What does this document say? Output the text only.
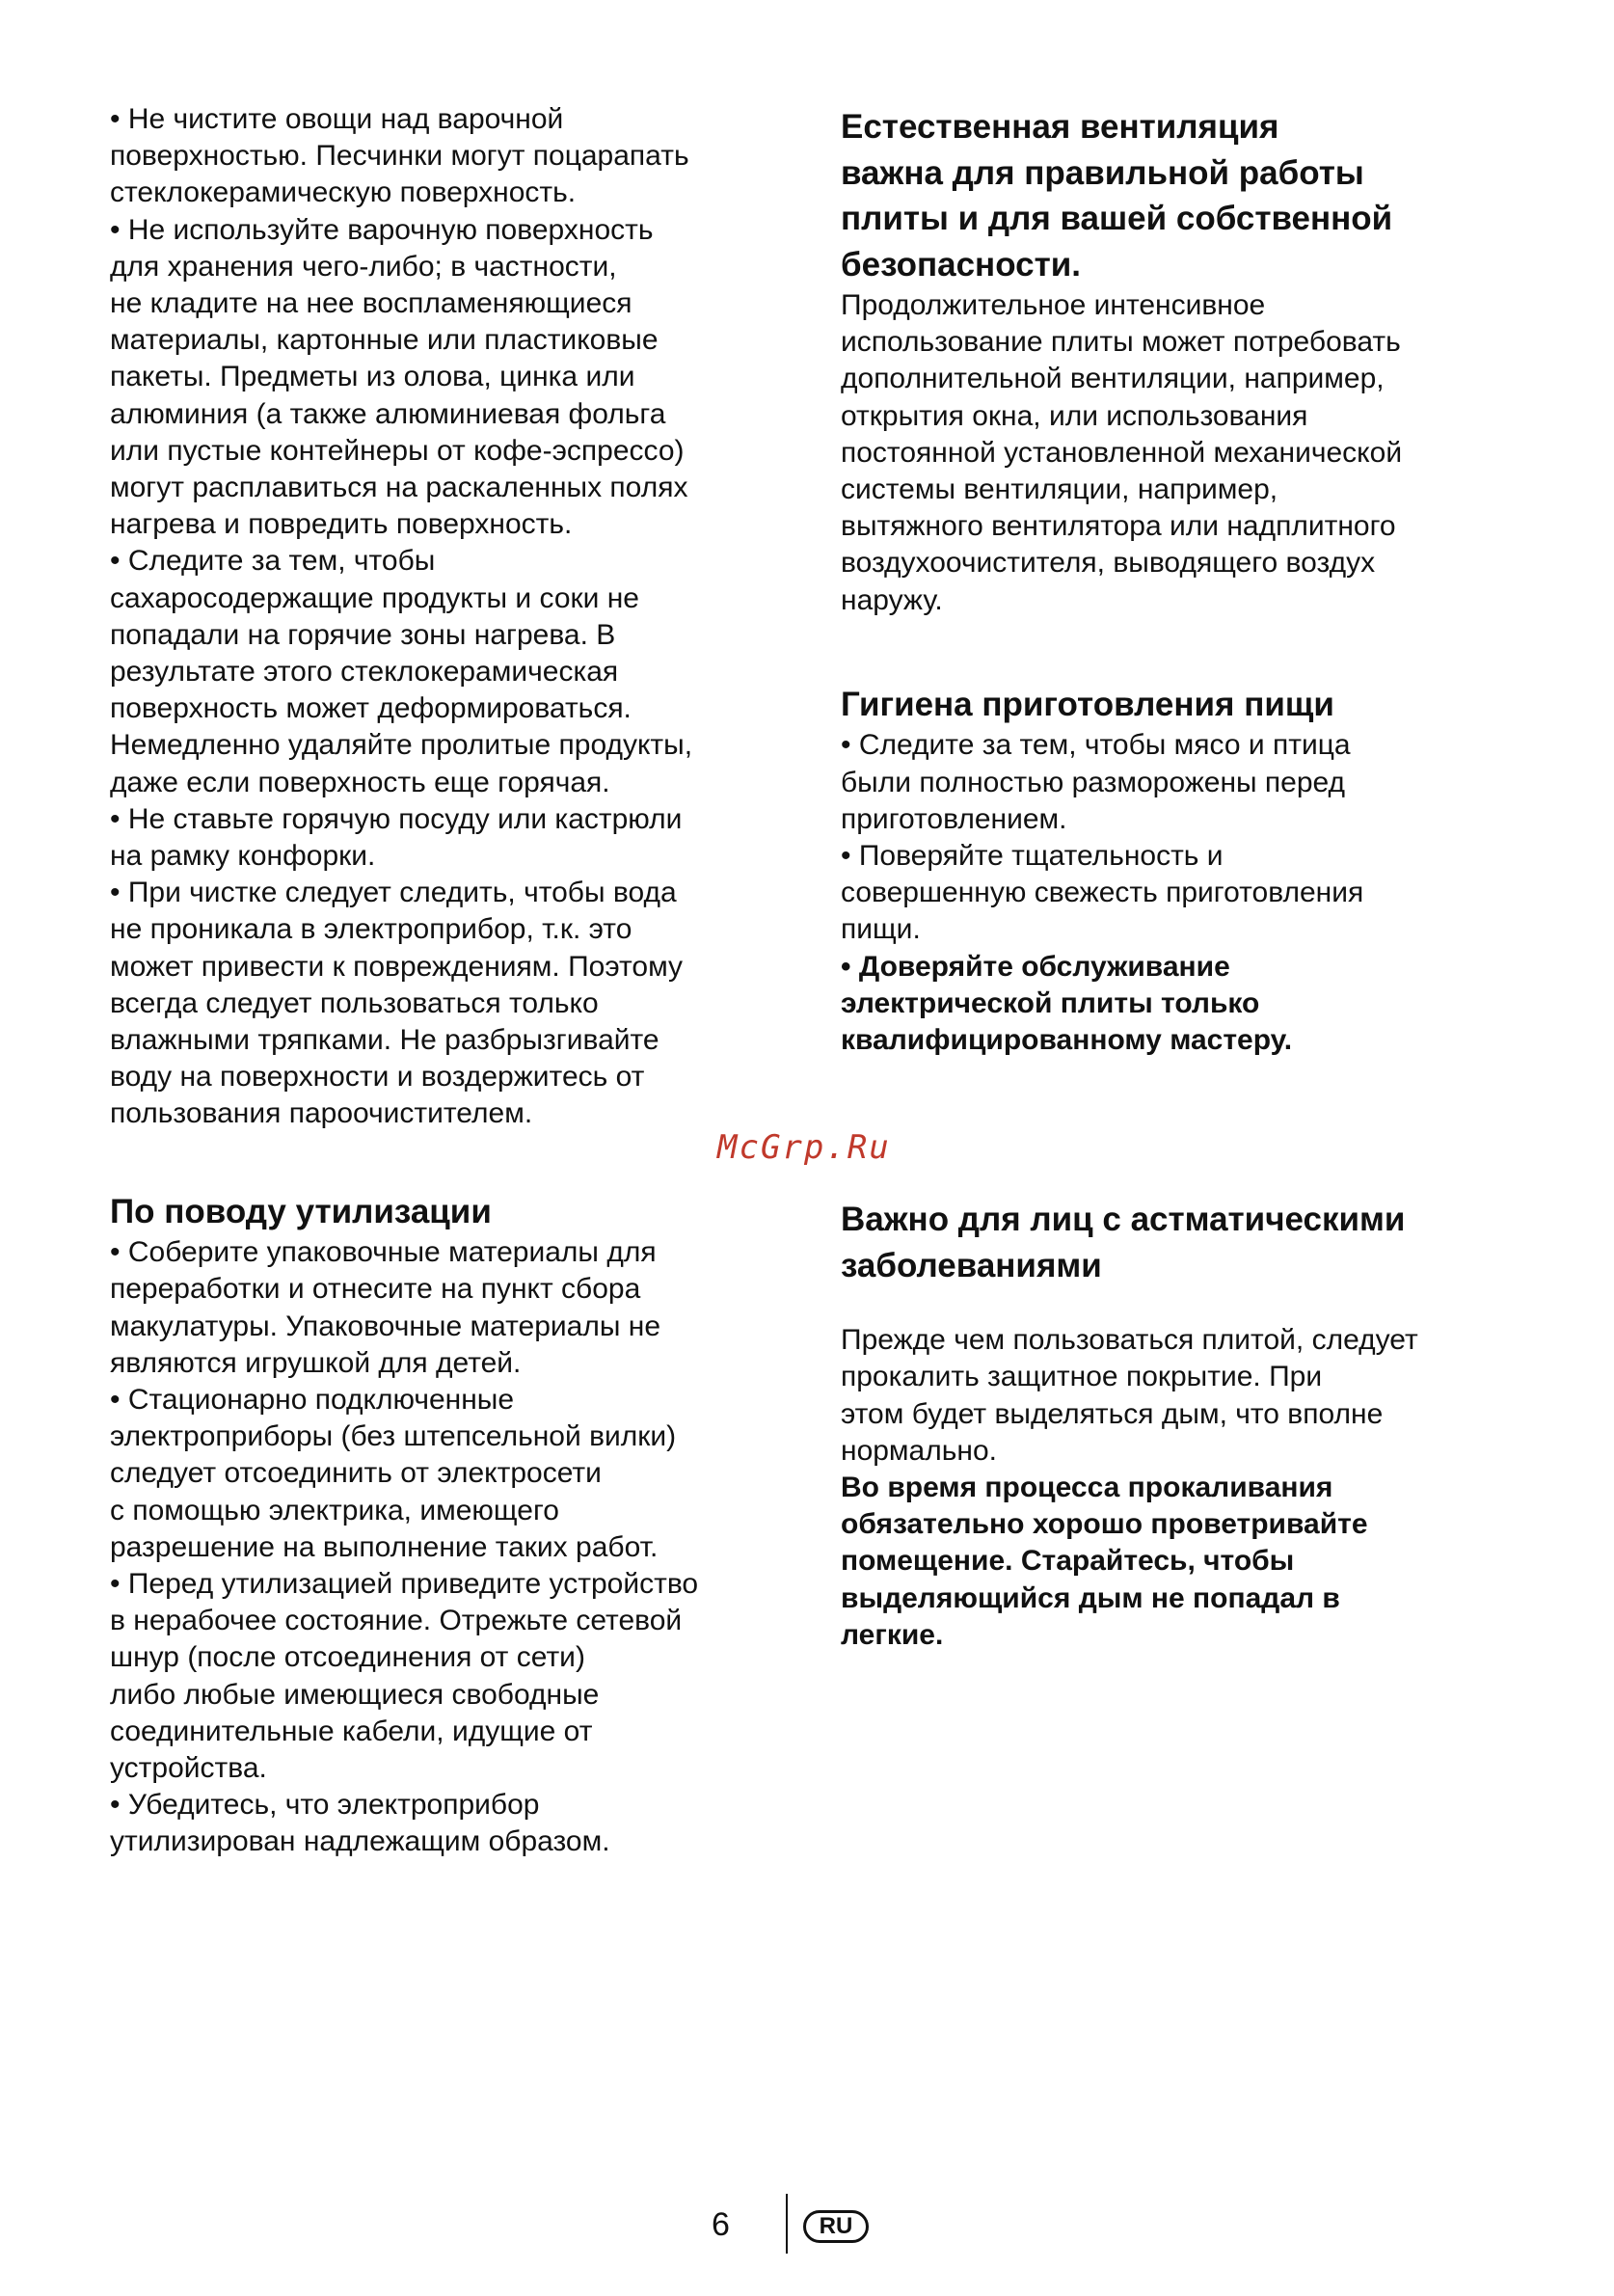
• Не чистите овощи над варочной
поверхностью. Песчинки могут поцарапать
стеклокерамическую поверхность.

• Не используйте варочную поверхность
для хранения чего-либо; в частности,
не кладите на нее воспламеняющиеся
материалы, картонные или пластиковые
пакеты. Предметы из олова, цинка или
алюминия (а также алюминиевая фольга
или пустые контейнеры от кофе-эспрессо)
могут расплавиться на раскаленных полях
нагрева и повредить поверхность.

• Следите за тем, чтобы
сахаросодержащие продукты и соки не
попадали на горячие зоны нагрева. В
результате этого стеклокерамическая
поверхность может деформироваться.
Немедленно удаляйте пролитые продукты,
даже если поверхность еще горячая.

• Не ставьте горячую посуду или кастрюли
на рамку конфорки.

• При чистке следует следить, чтобы вода
не проникала в электроприбор, т.к. это
может привести к повреждениям. Поэтому
всегда следует пользоваться только
влажными тряпками. Не разбрызгивайте
воду на поверхности и воздержитесь от
пользования пароочистителем.

По поводу утилизации

• Соберите упаковочные материалы для
переработки и отнесите на пункт сбора
макулатуры. Упаковочные материалы не
являются игрушкой для детей.

• Стационарно подключенные
электроприборы (без штепсельной вилки)
следует отсоединить от электросети
с помощью электрика, имеющего
разрешение на выполнение таких работ.

• Перед утилизацией приведите устройство
в нерабочее состояние. Отрежьте сетевой
шнур (после отсоединения от сети)
либо любые имеющиеся свободные
соединительные кабели, идущие от
устройства.

• Убедитесь, что электроприбор
утилизирован надлежащим образом.

Естественная вентиляция
важна для правильной работы
плиты и для вашей собственной
безопасности.

Продолжительное интенсивное
использование плиты может потребовать
дополнительной вентиляции, например,
открытия окна, или использования
постоянной установленной механической
системы вентиляции, например,
вытяжного вентилятора или надплитного
воздухоочистителя, выводящего воздух
наружу.

Гигиена приготовления пищи

• Следите за тем, чтобы мясо и птица
были полностью разморожены перед
приготовлением.

• Поверяйте тщательность и
совершенную свежесть приготовления
пищи.

• Доверяйте обслуживание
электрической плиты только
квалифицированному мастеру.

Важно для лиц с астматическими
заболеваниями

Прежде чем пользоваться плитой, следует
прокалить защитное покрытие. При
этом будет выделяться дым, что вполне
нормально.

Во время процесса прокаливания
обязательно хорошо проветривайте
помещение. Старайтесь, чтобы
выделяющийся дым не попадал в
легкие.

McGrp.Ru
6	RU
